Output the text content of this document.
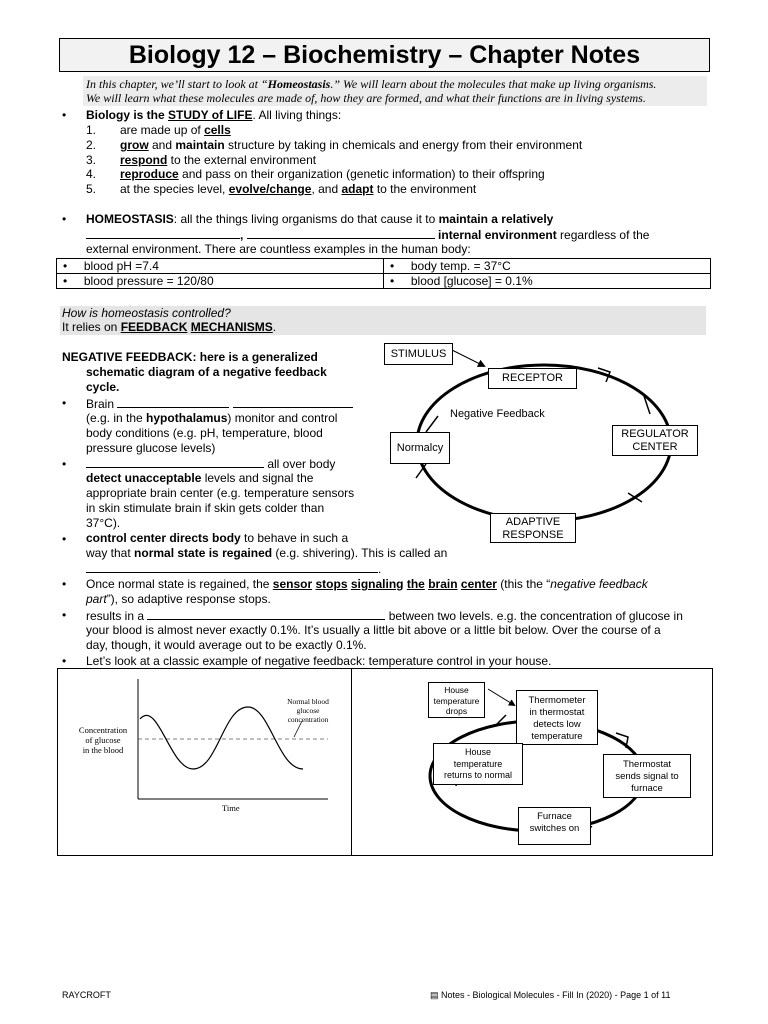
Biology 12 – Biochemistry – Chapter Notes
In this chapter, we’ll start to look at “Homeostasis.” We will learn about the molecules that make up living organisms.
We will learn what these molecules are made of, how they are formed, and what their functions are in living systems.
• Biology is the STUDY of LIFE. All living things:
1. are made up of cells
2. grow and maintain structure by taking in chemicals and energy from their environment
3. respond to the external environment
4. reproduce and pass on their organization (genetic information) to their offspring
5. at the species level, evolve/change, and adapt to the environment
• HOMEOSTASIS: all the things living organisms do that cause it to maintain a relatively
,	internal environment regardless of the
external environment. There are countless examples in the human body:
•     blood pH =7.4	•     body temp. = 37°C
•     blood pressure = 120/80	•     blood [glucose] = 0.1%
How is homeostasis controlled?
It relies on FEEDBACK MECHANISMS.
NEGATIVE FEEDBACK: here is a generalized
schematic diagram of a negative feedback
cycle.
• Brain
(e.g. in the hypothalamus) monitor and control
body conditions (e.g. pH, temperature, blood
pressure glucose levels)
•	all over body
detect unacceptable levels and signal the
appropriate brain center (e.g. temperature sensors
in skin stimulate brain if skin gets colder than
37°C).
• control center directs body to behave in such a
way that normal state is regained (e.g. shivering). This is called an
.
STIMULUS
RECEPTOR
Negative Feedback
REGULATOR
CENTER
Normalcy
ADAPTIVE
RESPONSE
• Once normal state is regained, the sensor stops signaling the brain center (this the “negative feedback
part”), so adaptive response stops.
• results in a	between two levels. e.g. the concentration of glucose in
your blood is almost never exactly 0.1%. It’s usually a little bit above or a little bit below. Over the course of a
day, though, it would average out to be exactly 0.1%.
• Let’s look at a classic example of negative feedback: temperature control in your house.
Concentration
of glucose
in the blood
Normal blood
glucose
concentration
Time
House
temperature
drops
Thermometer
in thermostat
detects low
temperature
Thermostat
sends signal to
furnace
Furnace
switches on
House
temperature
returns to normal
RAYCROFT	▤ Notes - Biological Molecules - Fill In (2020) - Page 1 of 11
